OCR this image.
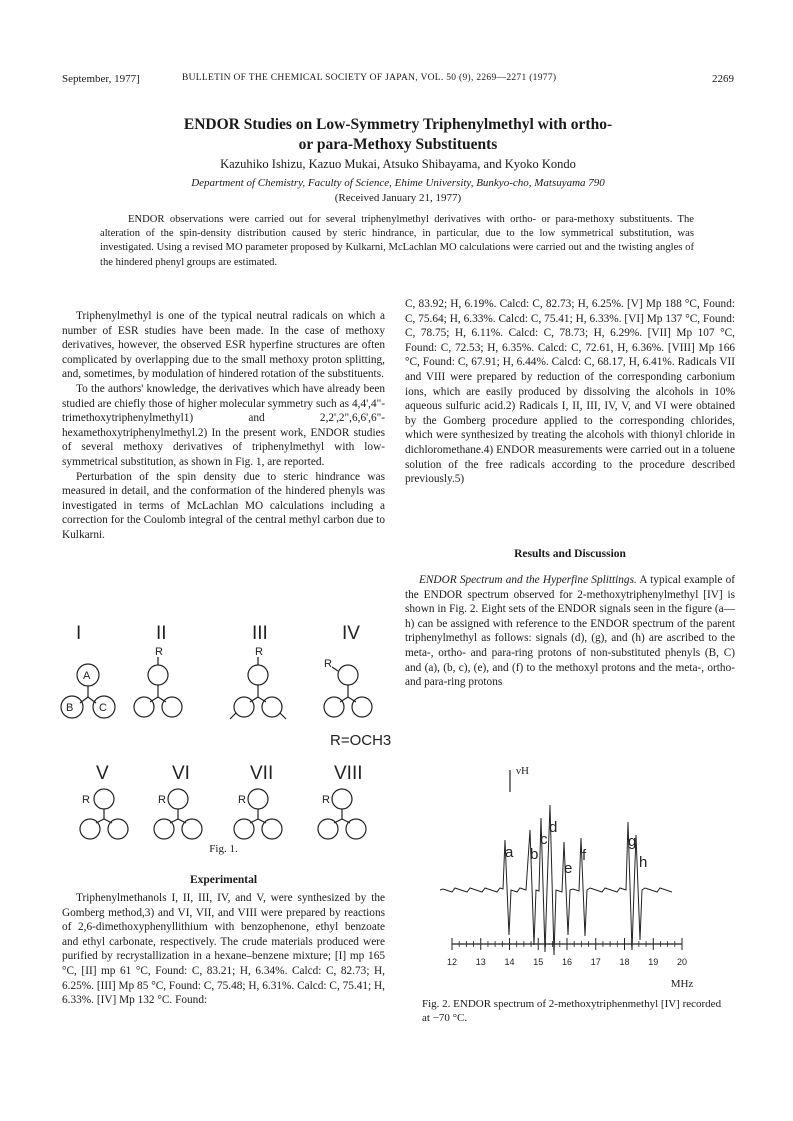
September, 1977]	BULLETIN OF THE CHEMICAL SOCIETY OF JAPAN, VOL. 50 (9), 2269—2271 (1977)	2269
ENDOR Studies on Low-Symmetry Triphenylmethyl with ortho-
or para-Methoxy Substituents
Kazuhiko Ishizu, Kazuo Mukai, Atsuko Shibayama, and Kyoko Kondo
Department of Chemistry, Faculty of Science, Ehime University, Bunkyo-cho, Matsuyama 790
(Received January 21, 1977)

ENDOR observations were carried out for several triphenylmethyl derivatives with ortho- or para-methoxy substituents. The alteration of the spin-density distribution caused by steric hindrance, in particular, due to the low symmetrical substitution, was investigated. Using a revised MO parameter proposed by Kulkarni, McLachlan MO calculations were carried out and the twisting angles of the hindered phenyl groups are estimated.

Triphenylmethyl is one of the typical neutral radicals on which a number of ESR studies have been made. In the case of methoxy derivatives, however, the observed ESR hyperfine structures are often complicated by overlapping due to the small methoxy proton splitting, and, sometimes, by modulation of hindered rotation of the substituents.

To the authors' knowledge, the derivatives which have already been studied are chiefly those of higher molecular symmetry such as 4,4',4"-trimethoxytriphenylmethyl1) and 2,2',2",6,6',6"-hexamethoxytriphenylmethyl.2) In the present work, ENDOR studies of several methoxy derivatives of triphenylmethyl with low-symmetrical substitution, as shown in Fig. 1, are reported.

Perturbation of the spin density due to steric hindrance was measured in detail, and the conformation of the hindered phenyls was investigated in terms of McLachlan MO calculations including a correction for the Coulomb integral of the central methyl carbon due to Kulkarni.

I	II	III	IV
V	VI	VII	VIII
A
B C
R	R
R
R	R	R	R
R=OCH3
Fig. 1.
Experimental

Triphenylmethanols I, II, III, IV, and V, were synthesized by the Gomberg method,3) and VI, VII, and VIII were prepared by reactions of 2,6-dimethoxyphenyllithium with benzophenone, ethyl benzoate and ethyl carbonate, respectively. The crude materials produced were purified by recrystallization in a hexane–benzene mixture; [I] mp 165 °C, [II] mp 61 °C, Found: C, 83.21; H, 6.34%. Calcd: C, 82.73; H, 6.25%. [III] Mp 85 °C, Found: C, 75.48; H, 6.31%. Calcd: C, 75.41; H, 6.33%. [IV] Mp 132 °C. Found:

C, 83.92; H, 6.19%. Calcd: C, 82.73; H, 6.25%. [V] Mp 188 °C, Found: C, 75.64; H, 6.33%. Calcd: C, 75.41; H, 6.33%. [VI] Mp 137 °C, Found: C, 78.75; H, 6.11%. Calcd: C, 78.73; H, 6.29%. [VII] Mp 107 °C, Found: C, 72.53; H, 6.35%. Calcd: C, 72.61, H, 6.36%. [VIII] Mp 166 °C, Found: C, 67.91; H, 6.44%. Calcd: C, 68.17, H, 6.41%. Radicals VII and VIII were prepared by reduction of the corresponding carbonium ions, which are easily produced by dissolving the alcohols in 10% aqueous sulfuric acid.2) Radicals I, II, III, IV, V, and VI were obtained by the Gomberg procedure applied to the corresponding chlorides, which were synthesized by treating the alcohols with thionyl chloride in dichloromethane.4) ENDOR measurements were carried out in a toluene solution of the free radicals according to the procedure described previously.5)

Results and Discussion

ENDOR Spectrum and the Hyperfine Splittings. A typical example of the ENDOR spectrum observed for 2-methoxytriphenylmethyl [IV] is shown in Fig. 2. Eight sets of the ENDOR signals seen in the figure (a—h) can be assigned with reference to the ENDOR spectrum of the parent triphenylmethyl as follows: signals (d), (g), and (h) are ascribed to the meta-, ortho- and para-ring protons of non-substituted phenyls (B, C) and (a), (b, c), (e), and (f) to the methoxyl protons and the meta-, ortho- and para-ring protons

a b
c
d
e
f
g
h
12 13 14 15 16 17 18 19 20
MHz
νH
Fig. 2. ENDOR spectrum of 2-methoxytriphenmethyl [IV] recorded at −70 °C.
